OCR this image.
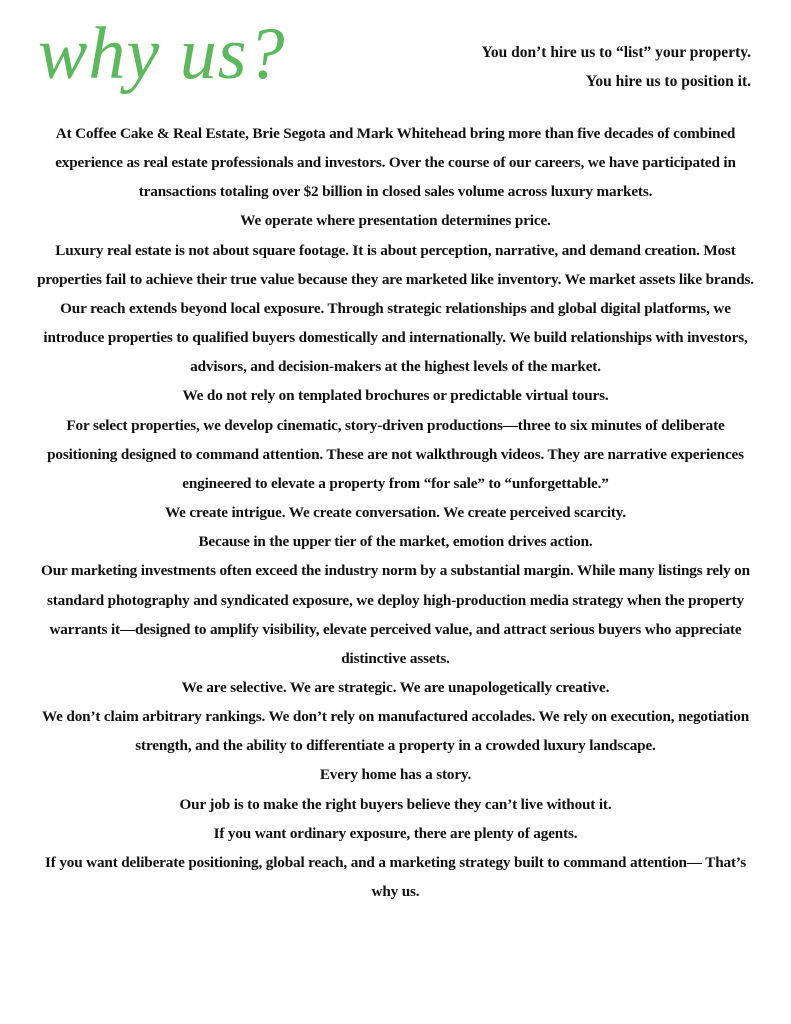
why us?	You don’t hire us to “list” your property.
You hire us to position it.

At Coffee Cake & Real Estate, Brie Segota and Mark Whitehead bring more than five decades of combined experience as real estate professionals and investors. Over the course of our careers, we have participated in transactions totaling over $2 billion in closed sales volume across luxury markets.

We operate where presentation determines price.

Luxury real estate is not about square footage. It is about perception, narrative, and demand creation. Most properties fail to achieve their true value because they are marketed like inventory. We market assets like brands.

Our reach extends beyond local exposure. Through strategic relationships and global digital platforms, we introduce properties to qualified buyers domestically and internationally. We build relationships with investors, advisors, and decision-makers at the highest levels of the market.

We do not rely on templated brochures or predictable virtual tours.

For select properties, we develop cinematic, story-driven productions—three to six minutes of deliberate positioning designed to command attention. These are not walkthrough videos. They are narrative experiences engineered to elevate a property from “for sale” to “unforgettable.”

We create intrigue. We create conversation. We create perceived scarcity.

Because in the upper tier of the market, emotion drives action.

Our marketing investments often exceed the industry norm by a substantial margin. While many listings rely on standard photography and syndicated exposure, we deploy high-production media strategy when the property warrants it—designed to amplify visibility, elevate perceived value, and attract serious buyers who appreciate distinctive assets.

We are selective. We are strategic. We are unapologetically creative.

We don’t claim arbitrary rankings. We don’t rely on manufactured accolades. We rely on execution, negotiation strength, and the ability to differentiate a property in a crowded luxury landscape.

Every home has a story.

Our job is to make the right buyers believe they can’t live without it.

If you want ordinary exposure, there are plenty of agents.

If you want deliberate positioning, global reach, and a marketing strategy built to command attention— That’s why us.
